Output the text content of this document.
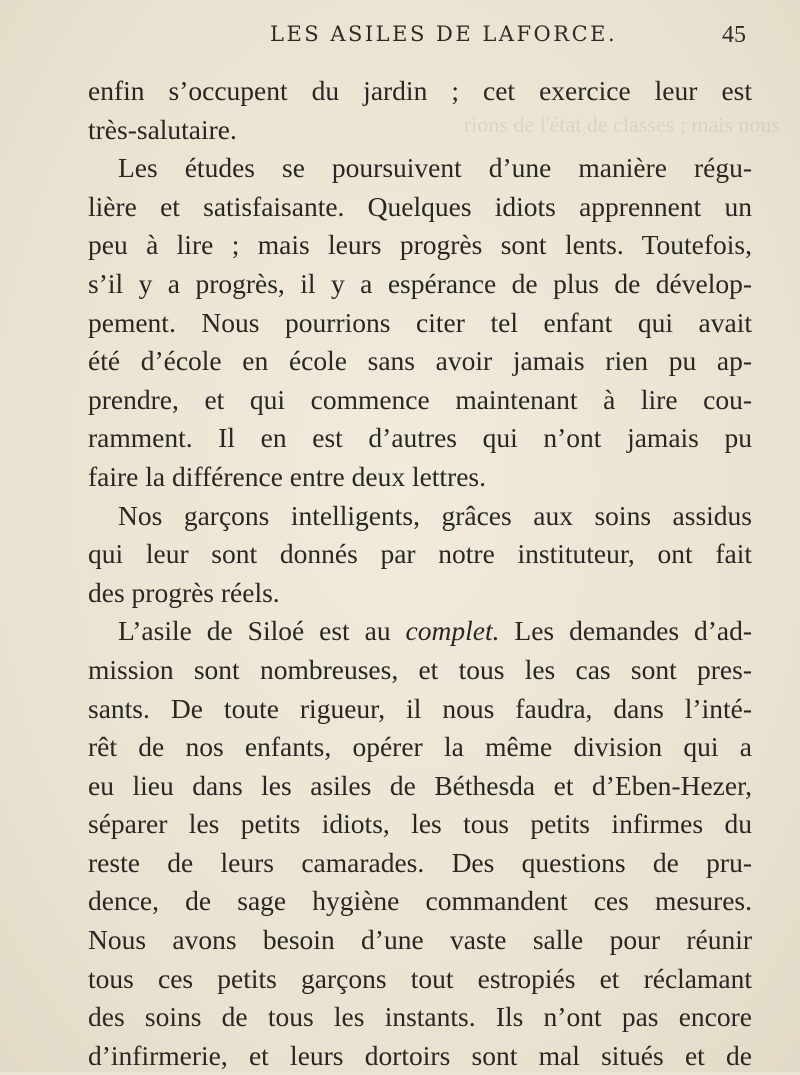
rions de l'état de classes ; mais nous
LES ASILES DE LAFORCE.	45
enfin s’occupent du jardin ; cet exercice leur est
très-salutaire.
Les études se poursuivent d’une manière régu-
lière et satisfaisante. Quelques idiots apprennent un
peu à lire ; mais leurs progrès sont lents. Toutefois,
s’il y a progrès, il y a espérance de plus de dévelop-
pement. Nous pourrions citer tel enfant qui avait
été d’école en école sans avoir jamais rien pu ap-
prendre, et qui commence maintenant à lire cou-
ramment. Il en est d’autres qui n’ont jamais pu
faire la différence entre deux lettres.
Nos garçons intelligents, grâces aux soins assidus
qui leur sont donnés par notre instituteur, ont fait
des progrès réels.
L’asile de Siloé est au complet. Les demandes d’ad-
mission sont nombreuses, et tous les cas sont pres-
sants. De toute rigueur, il nous faudra, dans l’inté-
rêt de nos enfants, opérer la même division qui a
eu lieu dans les asiles de Béthesda et d’Eben-Hezer,
séparer les petits idiots, les tous petits infirmes du
reste de leurs camarades. Des questions de pru-
dence, de sage hygiène commandent ces mesures.
Nous avons besoin d’une vaste salle pour réunir
tous ces petits garçons tout estropiés et réclamant
des soins de tous les instants. Ils n’ont pas encore
d’infirmerie, et leurs dortoirs sont mal situés et de
